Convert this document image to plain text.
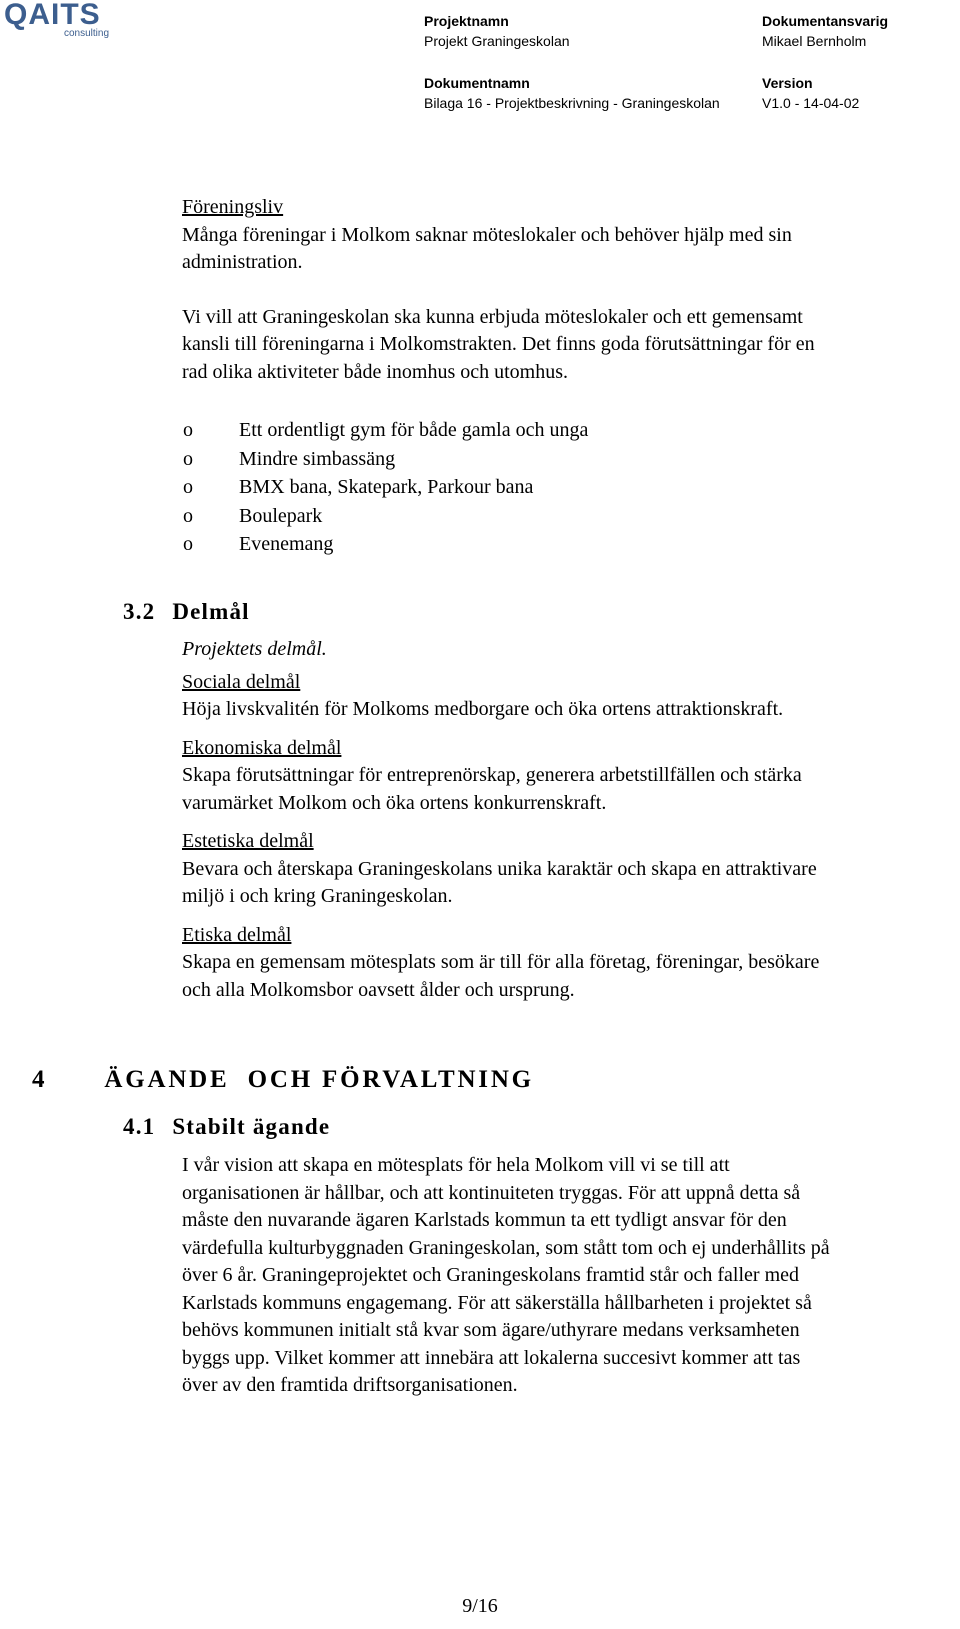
QAITS
consulting
Projektnamn
Projekt Graningeskolan
Dokumentansvarig
Mikael Bernholm
Dokumentnamn
Bilaga 16 - Projektbeskrivning - Graningeskolan
Version
V1.0 - 14-04-02
Föreningsliv
Många föreningar i Molkom saknar möteslokaler och behöver hjälp med sin
administration.
Vi vill att Graningeskolan ska kunna erbjuda möteslokaler och ett gemensamt
kansli till föreningarna i Molkomstrakten. Det finns goda förutsättningar för en
rad olika aktiviteter både inomhus och utomhus.
o Ett ordentligt gym för både gamla och unga
o Mindre simbassäng
o BMX bana, Skatepark, Parkour bana
o Boulepark
o Evenemang
3.2 Delmål
Projektets delmål.
Sociala delmål
Höja livskvalitén för Molkoms medborgare och öka ortens attraktionskraft.
Ekonomiska delmål
Skapa förutsättningar för entreprenörskap, generera arbetstillfällen och stärka
varumärket Molkom och öka ortens konkurrenskraft.
Estetiska delmål
Bevara och återskapa Graningeskolans unika karaktär och skapa en attraktivare
miljö i och kring Graningeskolan.
Etiska delmål
Skapa en gemensam mötesplats som är till för alla företag, föreningar, besökare
och alla Molkomsbor oavsett ålder och ursprung.
4 ÄGANDE  OCH FÖRVALTNING
4.1 Stabilt ägande
I vår vision att skapa en mötesplats för hela Molkom vill vi se till att
organisationen är hållbar, och att kontinuiteten tryggas. För att uppnå detta så
måste den nuvarande ägaren Karlstads kommun ta ett tydligt ansvar för den
värdefulla kulturbyggnaden Graningeskolan, som stått tom och ej underhållits på
över 6 år. Graningeprojektet och Graningeskolans framtid står och faller med
Karlstads kommuns engagemang. För att säkerställa hållbarheten i projektet så
behövs kommunen initialt stå kvar som ägare/uthyrare medans verksamheten
byggs upp. Vilket kommer att innebära att lokalerna succesivt kommer att tas
över av den framtida driftsorganisationen.
9/16
